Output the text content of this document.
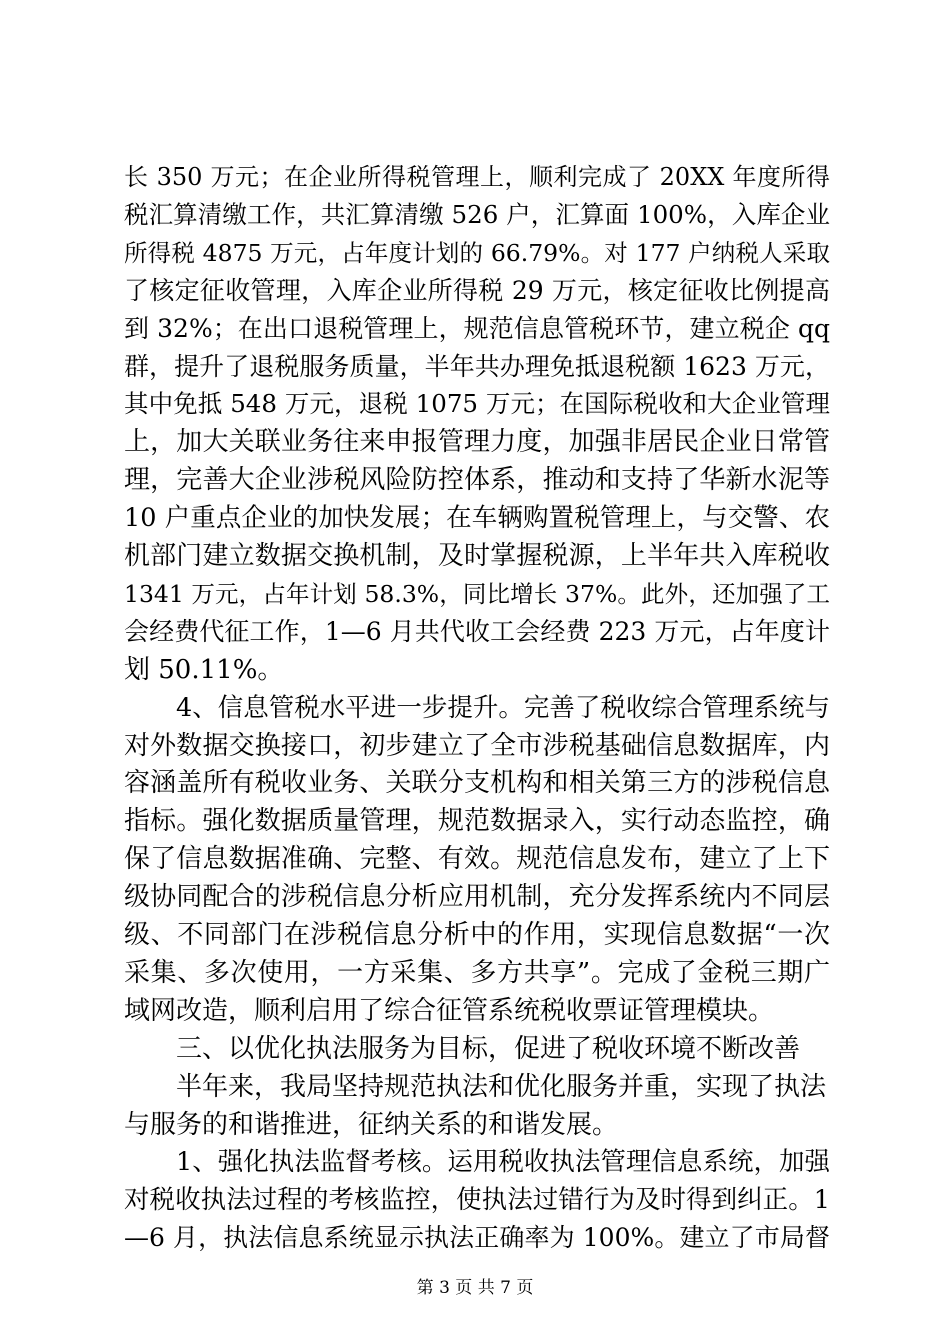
长 350 万元；在企业所得税管理上，顺利完成了 20XX 年度所得
税汇算清缴工作，共汇算清缴 526 户，汇算面 100%，入库企业
所得税 4875 万元，占年度计划的 66.79%。对 177 户纳税人采取
了核定征收管理，入库企业所得税 29 万元，核定征收比例提高
到 32%；在出口退税管理上，规范信息管税环节，建立税企 qq
群，提升了退税服务质量，半年共办理免抵退税额 1623 万元，
其中免抵 548 万元，退税 1075 万元；在国际税收和大企业管理
上，加大关联业务往来申报管理力度，加强非居民企业日常管
理，完善大企业涉税风险防控体系，推动和支持了华新水泥等
10 户重点企业的加快发展；在车辆购置税管理上，与交警、农
机部门建立数据交换机制，及时掌握税源，上半年共入库税收
1341 万元，占年计划 58.3%，同比增长 37%。此外，还加强了工
会经费代征工作，1—6 月共代收工会经费 223 万元，占年度计
划 50.11%。
4、信息管税水平进一步提升。完善了税收综合管理系统与
对外数据交换接口，初步建立了全市涉税基础信息数据库，内
容涵盖所有税收业务、关联分支机构和相关第三方的涉税信息
指标。强化数据质量管理，规范数据录入，实行动态监控，确
保了信息数据准确、完整、有效。规范信息发布，建立了上下
级协同配合的涉税信息分析应用机制，充分发挥系统内不同层
级、不同部门在涉税信息分析中的作用，实现信息数据“一次
采集、多次使用，一方采集、多方共享”。完成了金税三期广
域网改造，顺利启用了综合征管系统税收票证管理模块。
三、以优化执法服务为目标，促进了税收环境不断改善
半年来，我局坚持规范执法和优化服务并重，实现了执法
与服务的和谐推进，征纳关系的和谐发展。
1、强化执法监督考核。运用税收执法管理信息系统，加强
对税收执法过程的考核监控，使执法过错行为及时得到纠正。1
—6 月，执法信息系统显示执法正确率为 100%。建立了市局督
第 3 页 共 7 页
